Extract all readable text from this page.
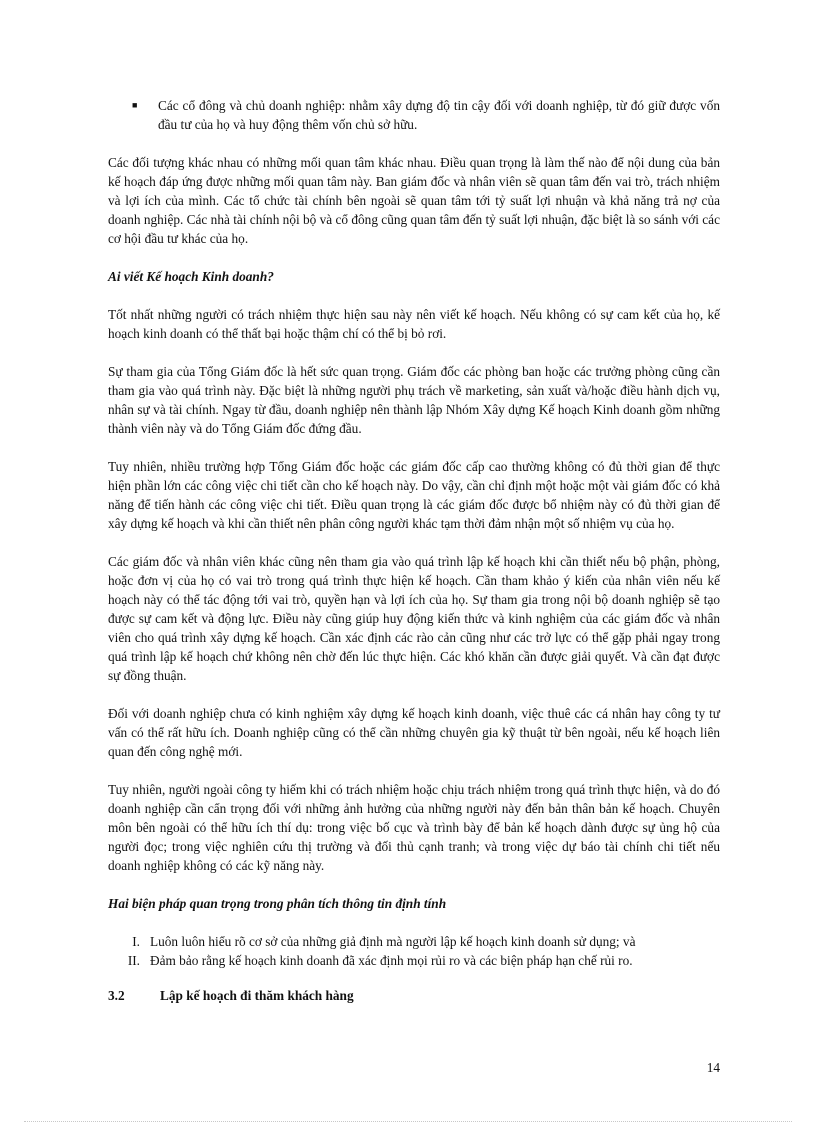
■	Các cổ đông và chủ doanh nghiệp: nhằm xây dựng độ tin cậy đối với doanh nghiệp, từ đó giữ được vốn đầu tư của họ và huy động thêm vốn chủ sở hữu.

Các đối tượng khác nhau có những mối quan tâm khác nhau. Điều quan trọng là làm thế nào để nội dung của bản kế hoạch đáp ứng được những mối quan tâm này. Ban giám đốc và nhân viên sẽ quan tâm đến vai trò, trách nhiệm và lợi ích của mình. Các tổ chức tài chính bên ngoài sẽ quan tâm tới tỷ suất lợi nhuận và khả năng trả nợ của doanh nghiệp. Các nhà tài chính nội bộ và cổ đông cũng quan tâm đến tỷ suất lợi nhuận, đặc biệt là so sánh với các cơ hội đầu tư khác của họ.

Ai viết Kế hoạch Kinh doanh?

Tốt nhất những người có trách nhiệm thực hiện sau này nên viết kế hoạch. Nếu không có sự cam kết của họ, kế hoạch kinh doanh có thể thất bại hoặc thậm chí có thể bị bỏ rơi.

Sự tham gia của Tổng Giám đốc là hết sức quan trọng. Giám đốc các phòng ban hoặc các trưởng phòng cũng cần tham gia vào quá trình này. Đặc biệt là những người phụ trách về marketing, sản xuất và/hoặc điều hành dịch vụ, nhân sự và tài chính. Ngay từ đầu, doanh nghiệp nên thành lập Nhóm Xây dựng Kế hoạch Kinh doanh gồm những thành viên này và do Tổng Giám đốc đứng đầu.

Tuy nhiên, nhiều trường hợp Tổng Giám đốc hoặc các giám đốc cấp cao thường không có đủ thời gian để thực hiện phần lớn các công việc chi tiết cần cho kế hoạch này. Do vậy, cần chỉ định một hoặc một vài giám đốc có khả năng để tiến hành các công việc chi tiết. Điều quan trọng là các giám đốc được bổ nhiệm này có đủ thời gian để xây dựng kế hoạch và khi cần thiết nên phân công người khác tạm thời đảm nhận một số nhiệm vụ của họ.

Các giám đốc và nhân viên khác cũng nên tham gia vào quá trình lập kế hoạch khi cần thiết nếu bộ phận, phòng, hoặc đơn vị của họ có vai trò trong quá trình thực hiện kế hoạch. Cần tham khảo ý kiến của nhân viên nếu kế hoạch này có thể tác động tới vai trò, quyền hạn và lợi ích của họ. Sự tham gia trong nội bộ doanh nghiệp sẽ tạo được sự cam kết và động lực. Điều này cũng giúp huy động kiến thức và kinh nghiệm của các giám đốc và nhân viên cho quá trình xây dựng kế hoạch. Cần xác định các rào cản cũng như các trở lực có thể gặp phải ngay trong quá trình lập kế hoạch chứ không nên chờ đến lúc thực hiện. Các khó khăn cần được giải quyết. Và cần đạt được sự đồng thuận.

Đối với doanh nghiệp chưa có kinh nghiệm xây dựng kế hoạch kinh doanh, việc thuê các cá nhân hay công ty tư vấn có thể rất hữu ích. Doanh nghiệp cũng có thể cần những chuyên gia kỹ thuật từ bên ngoài, nếu kế hoạch liên quan đến công nghệ mới.

Tuy nhiên, người ngoài công ty hiếm khi có trách nhiệm hoặc chịu trách nhiệm trong quá trình thực hiện, và do đó doanh nghiệp cần cẩn trọng đối với những ảnh hưởng của những người này đến bản thân bản kế hoạch. Chuyên môn bên ngoài có thể hữu ích thí dụ: trong việc bố cục và trình bày để bản kế hoạch dành được sự ủng hộ của người đọc; trong việc nghiên cứu thị trường và đối thủ cạnh tranh; và trong việc dự báo tài chính chi tiết nếu doanh nghiệp không có các kỹ năng này.

Hai biện pháp quan trọng trong phân tích thông tin định tính

I. Luôn luôn hiểu rõ cơ sở của những giả định mà người lập kế hoạch kinh doanh sử dụng; và
II. Đảm bảo rằng kế hoạch kinh doanh đã xác định mọi rủi ro và các biện pháp hạn chế rủi ro.
3.2	Lập kế hoạch đi thăm khách hàng
14
